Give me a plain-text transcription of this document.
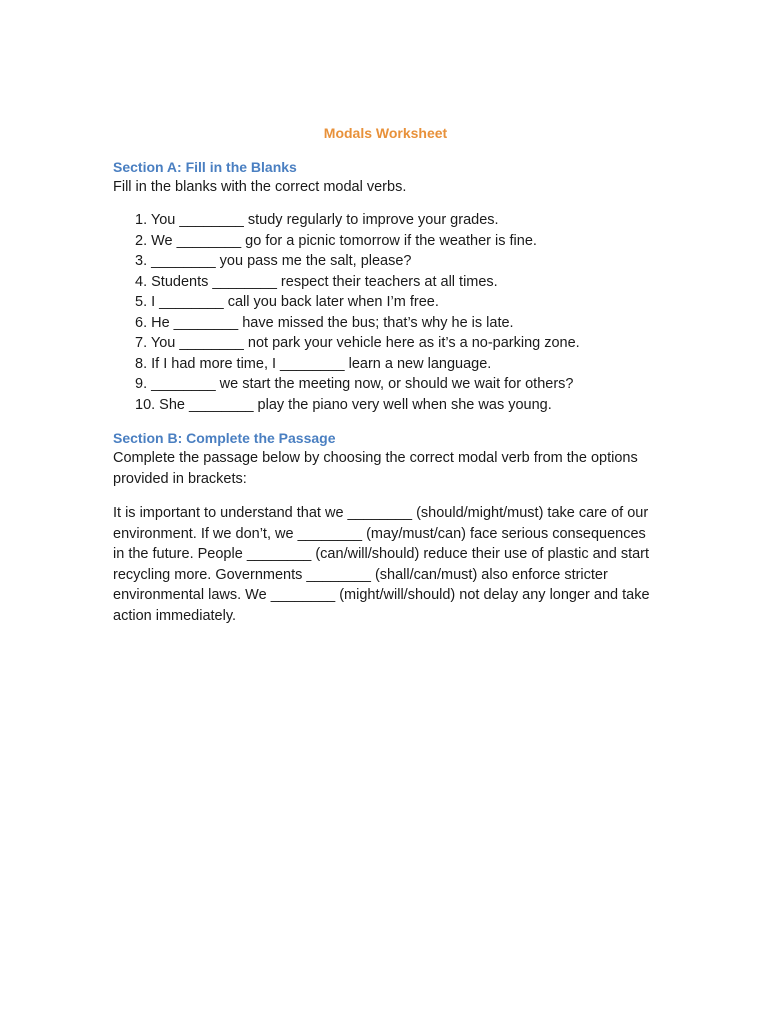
Modals Worksheet
Section A: Fill in the Blanks

Fill in the blanks with the correct modal verbs.

1. You ________ study regularly to improve your grades.
2. We ________ go for a picnic tomorrow if the weather is fine.
3. ________ you pass me the salt, please?
4. Students ________ respect their teachers at all times.
5. I ________ call you back later when I’m free.
6. He ________ have missed the bus; that’s why he is late.
7. You ________ not park your vehicle here as it’s a no-parking zone.
8. If I had more time, I ________ learn a new language.
9. ________ we start the meeting now, or should we wait for others?
10. She ________ play the piano very well when she was young.
Section B: Complete the Passage

Complete the passage below by choosing the correct modal verb from the options provided in brackets:

It is important to understand that we ________ (should/might/must) take care of our environment. If we don’t, we ________ (may/must/can) face serious consequences in the future. People ________ (can/will/should) reduce their use of plastic and start recycling more. Governments ________ (shall/can/must) also enforce stricter environmental laws. We ________ (might/will/should) not delay any longer and take action immediately.
